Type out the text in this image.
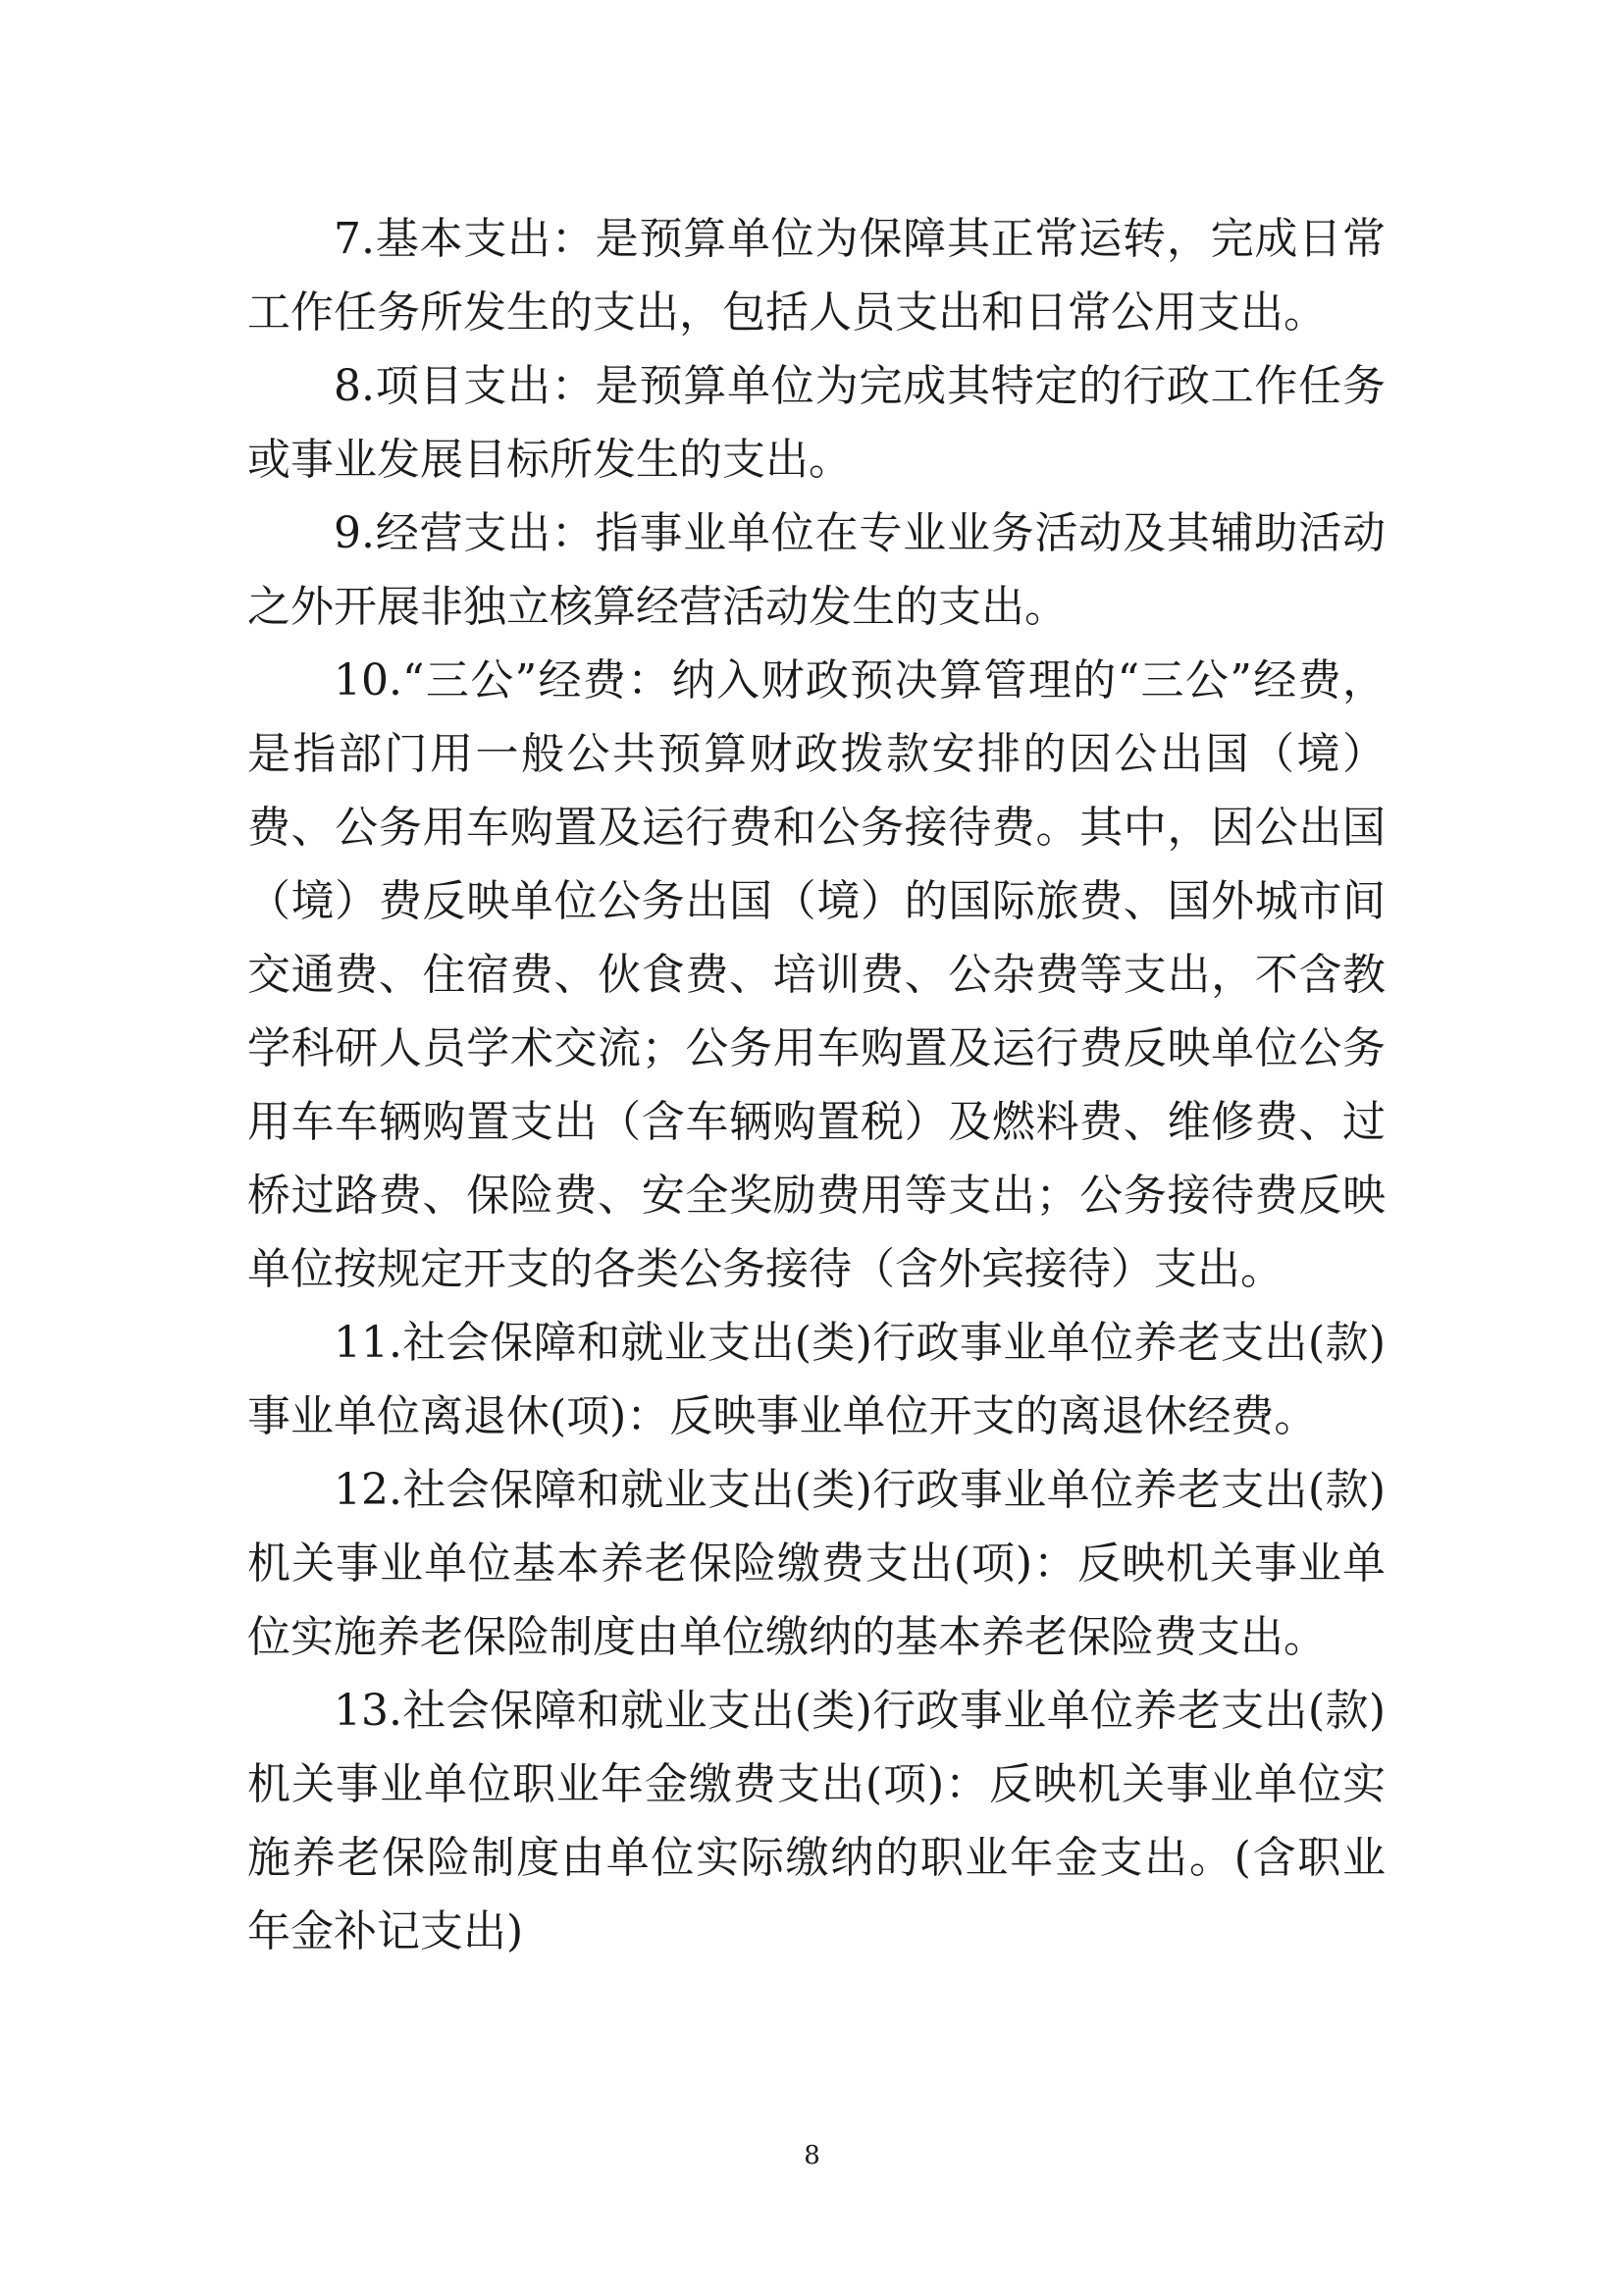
7.基本支出：是预算单位为保障其正常运转，完成日常工作任务所发生的支出，包括人员支出和日常公用支出。

8.项目支出：是预算单位为完成其特定的行政工作任务或事业发展目标所发生的支出。

9.经营支出：指事业单位在专业业务活动及其辅助活动之外开展非独立核算经营活动发生的支出。

10.“三公”经费：纳入财政预决算管理的“三公”经费，是指部门用一般公共预算财政拨款安排的因公出国（境）费、公务用车购置及运行费和公务接待费。其中，因公出国（境）费反映单位公务出国（境）的国际旅费、国外城市间交通费、住宿费、伙食费、培训费、公杂费等支出，不含教学科研人员学术交流；公务用车购置及运行费反映单位公务用车车辆购置支出（含车辆购置税）及燃料费、维修费、过桥过路费、保险费、安全奖励费用等支出；公务接待费反映单位按规定开支的各类公务接待（含外宾接待）支出。

11.社会保障和就业支出(类)行政事业单位养老支出(款)事业单位离退休(项)：反映事业单位开支的离退休经费。

12.社会保障和就业支出(类)行政事业单位养老支出(款)机关事业单位基本养老保险缴费支出(项)：反映机关事业单位实施养老保险制度由单位缴纳的基本养老保险费支出。

13.社会保障和就业支出(类)行政事业单位养老支出(款)机关事业单位职业年金缴费支出(项)：反映机关事业单位实施养老保险制度由单位实际缴纳的职业年金支出。(含职业年金补记支出)

8
